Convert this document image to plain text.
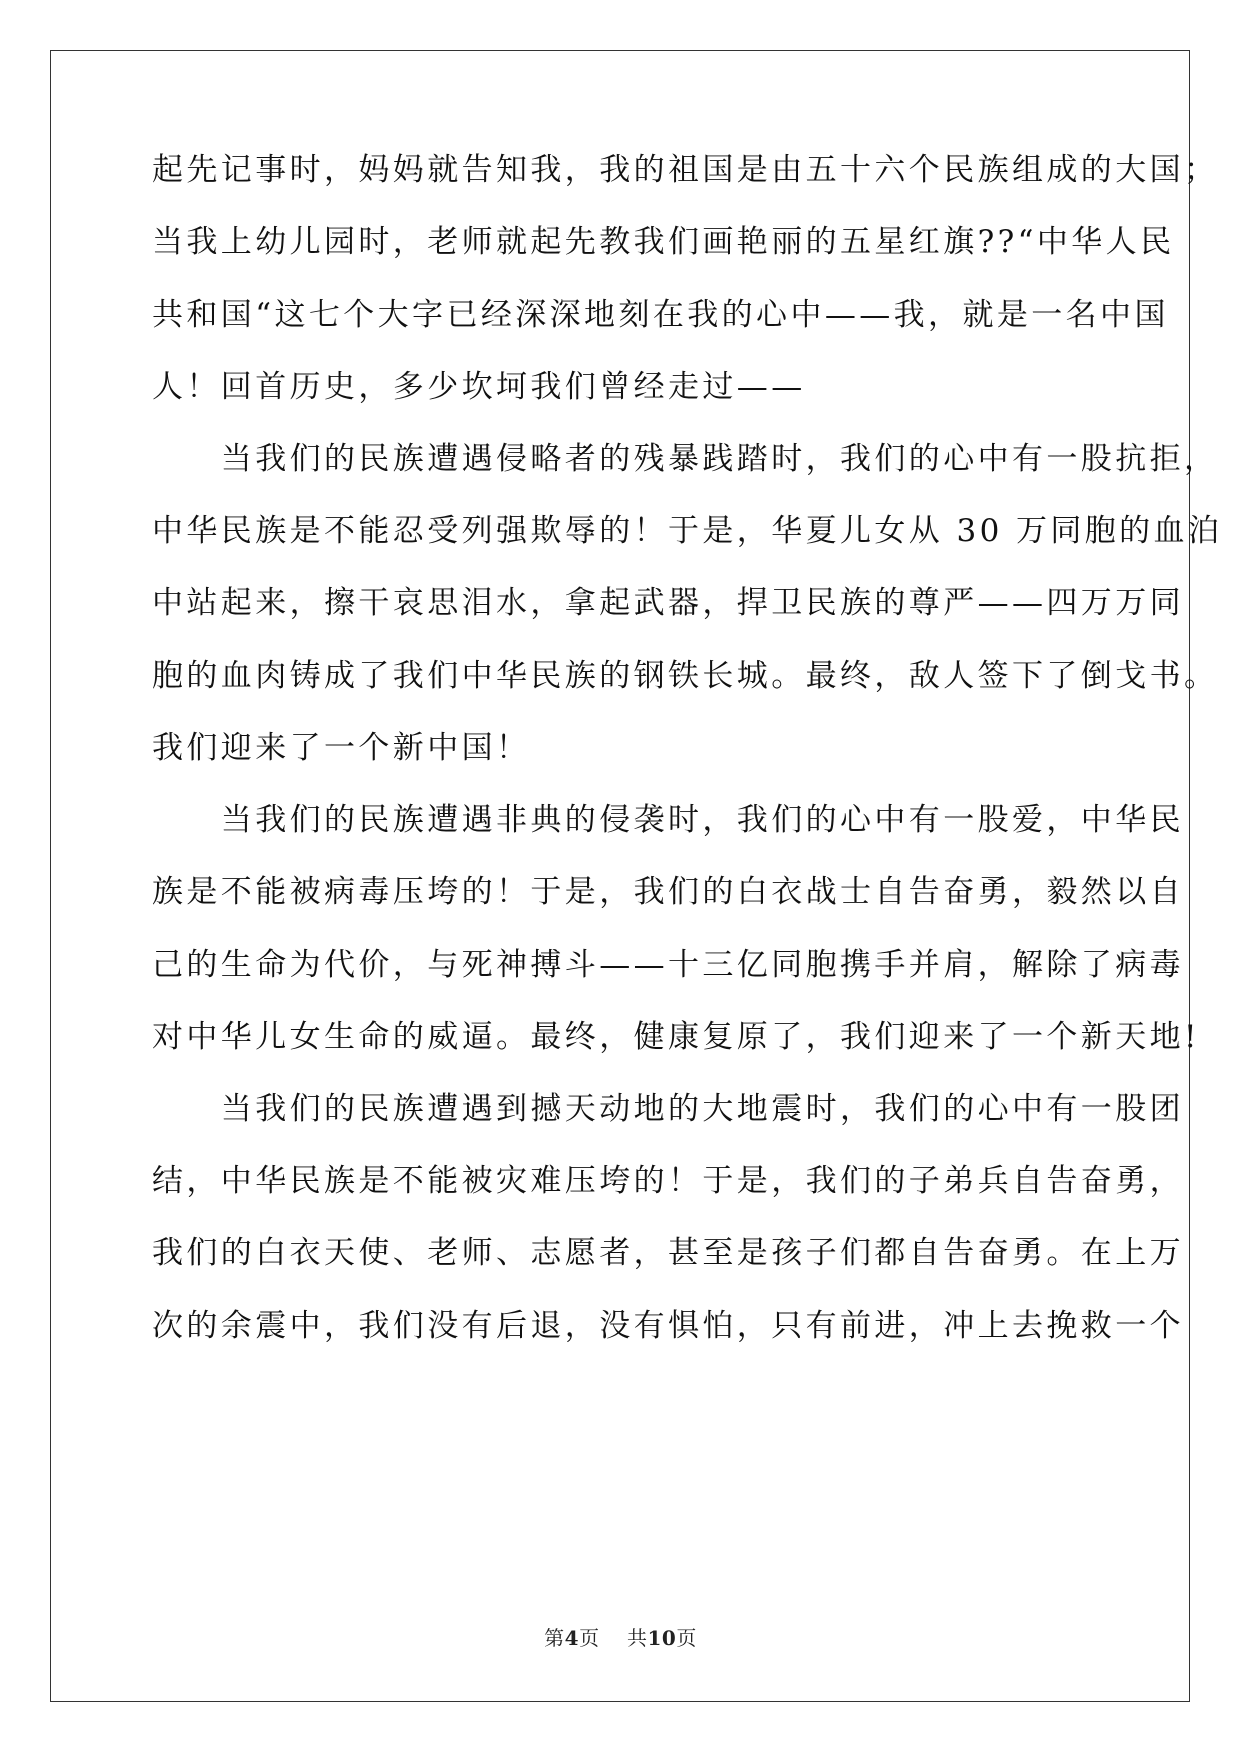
起先记事时，妈妈就告知我，我的祖国是由五十六个民族组成的大国；
当我上幼儿园时，老师就起先教我们画艳丽的五星红旗??“中华人民
共和国“这七个大字已经深深地刻在我的心中——我，就是一名中国
人！回首历史，多少坎坷我们曾经走过——
　　当我们的民族遭遇侵略者的残暴践踏时，我们的心中有一股抗拒，
中华民族是不能忍受列强欺辱的！于是，华夏儿女从 30 万同胞的血泊
中站起来，擦干哀思泪水，拿起武器，捍卫民族的尊严——四万万同
胞的血肉铸成了我们中华民族的钢铁长城。最终，敌人签下了倒戈书。
我们迎来了一个新中国！
　　当我们的民族遭遇非典的侵袭时，我们的心中有一股爱，中华民
族是不能被病毒压垮的！于是，我们的白衣战士自告奋勇，毅然以自
己的生命为代价，与死神搏斗——十三亿同胞携手并肩，解除了病毒
对中华儿女生命的威逼。最终，健康复原了，我们迎来了一个新天地!
　　当我们的民族遭遇到撼天动地的大地震时，我们的心中有一股团
结，中华民族是不能被灾难压垮的！于是，我们的子弟兵自告奋勇，
我们的白衣天使、老师、志愿者，甚至是孩子们都自告奋勇。在上万
次的余震中，我们没有后退，没有惧怕，只有前进，冲上去挽救一个
第4页 共10页
